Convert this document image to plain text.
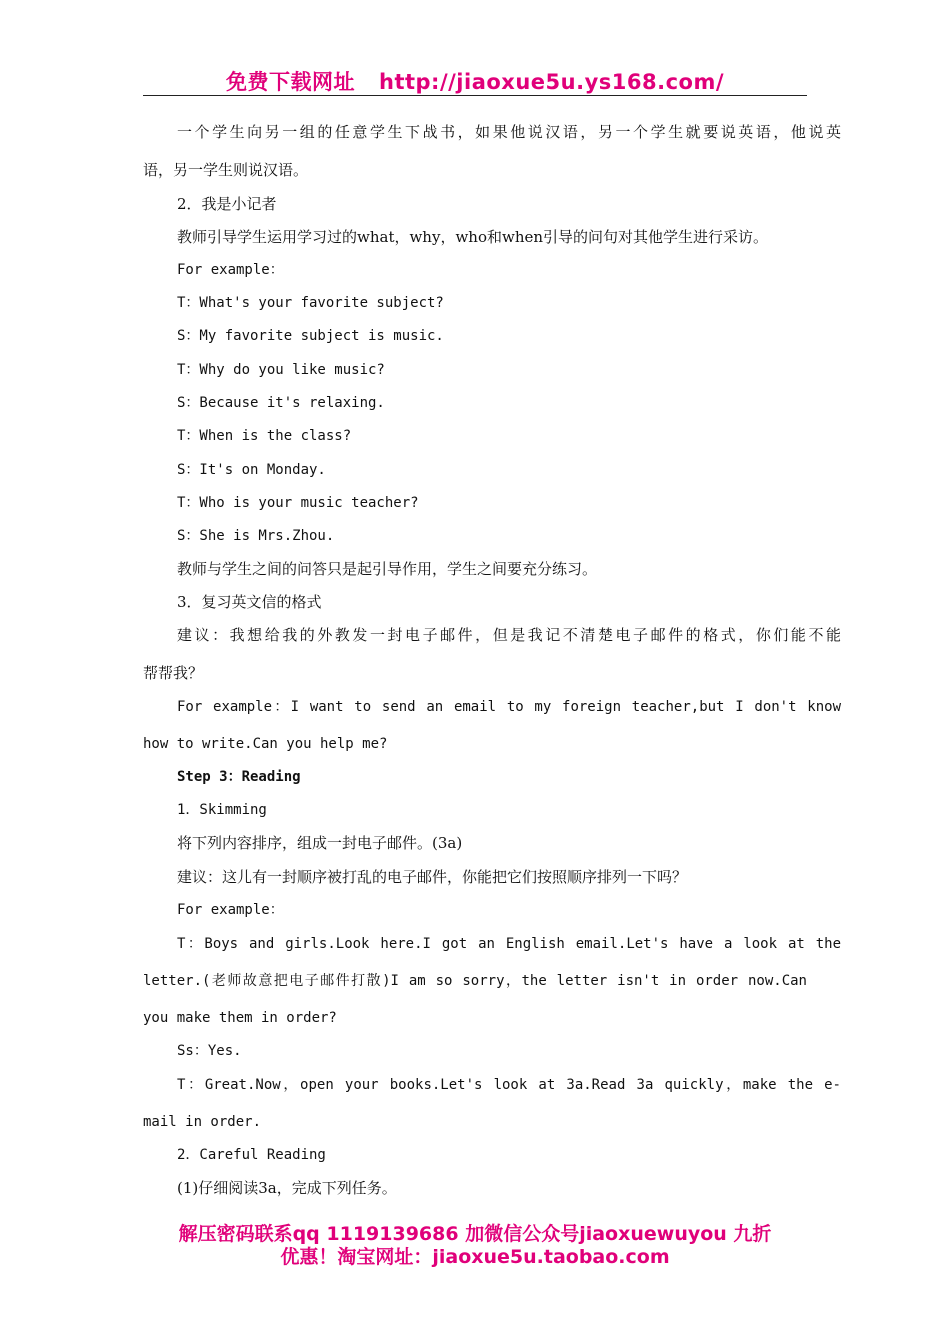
免费下载网址 http://jiaoxue5u.ys168.com/
一个学生向另一组的任意学生下战书，如果他说汉语，另一个学生就要说英语，他说英
语，另一学生则说汉语。
2．我是小记者
教师引导学生运用学习过的what，why，who和when引导的问句对其他学生进行采访。
For example：
T：What's your favorite subject?
S：My favorite subject is music.
T：Why do you like music?
S：Because it's relaxing.
T：When is the class?
S：It's on Monday.
T：Who is your music teacher?
S：She is Mrs.Zhou.
教师与学生之间的问答只是起引导作用，学生之间要充分练习。
3．复习英文信的格式
建议：我想给我的外教发一封电子邮件，但是我记不清楚电子邮件的格式，你们能不能
帮帮我？
For example：I want to send an email to my foreign teacher,but I don't know
how to write.Can you help me?
Step 3：Reading
1．Skimming
将下列内容排序，组成一封电子邮件。(3a)
建议：这儿有一封顺序被打乱的电子邮件，你能把它们按照顺序排列一下吗？
For example：
T：Boys and girls.Look here.I got an English email.Let's have a look at the
letter.(老师故意把电子邮件打散)I am so sorry，the letter isn't in order now.Can
you make them in order?
Ss：Yes.
T：Great.Now，open your books.Let's look at 3a.Read 3a quickly，make the e-
mail in order.
2．Careful Reading
(1)仔细阅读3a，完成下列任务。
解压密码联系qq 1119139686 加微信公众号jiaoxuewuyou 九折
优惠！淘宝网址：jiaoxue5u.taobao.com
